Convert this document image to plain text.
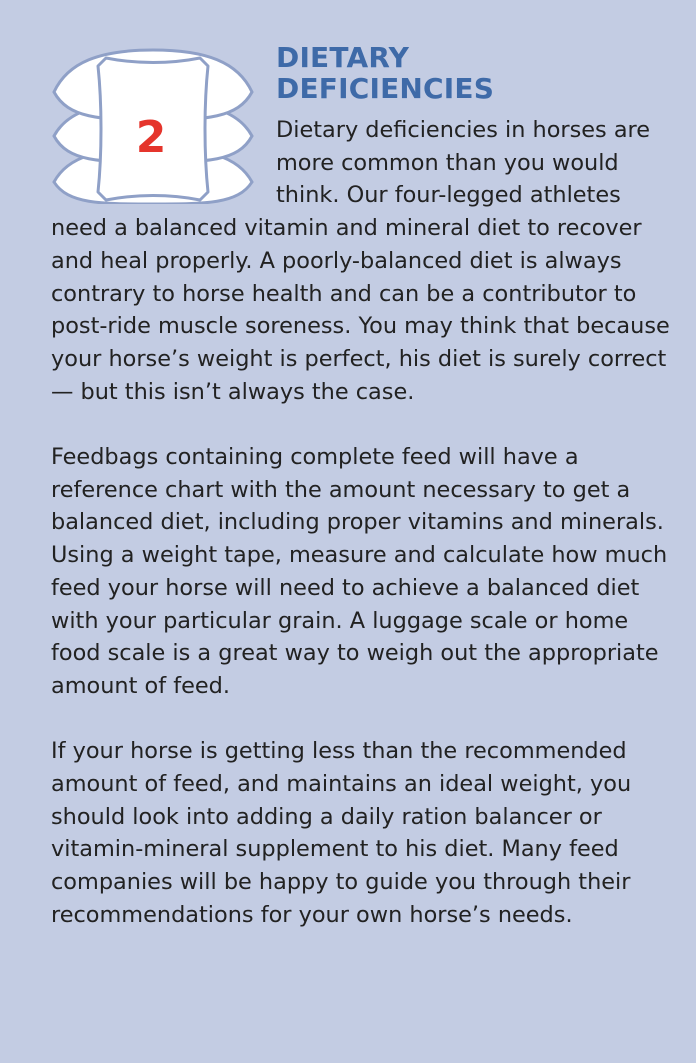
2
DIETARY
DEFICIENCIES

Dietary deficiencies in horses are more common than you would think. Our four-legged athletes need a balanced vitamin and mineral diet to recover and heal properly. A poorly-balanced diet is always contrary to horse health and can be a contributor to post-ride muscle soreness. You may think that because your horse’s weight is perfect, his diet is surely correct — but this isn’t always the case.

Feedbags containing complete feed will have a reference chart with the amount necessary to get a balanced diet, including proper vitamins and minerals. Using a weight tape, measure and calculate how much feed your horse will need to achieve a balanced diet with your particular grain. A luggage scale or home food scale is a great way to weigh out the appropriate amount of feed.

If your horse is getting less than the recommended amount of feed, and maintains an ideal weight, you should look into adding a daily ration balancer or vitamin-mineral supplement to his diet. Many feed companies will be happy to guide you through their recommendations for your own horse’s needs.
